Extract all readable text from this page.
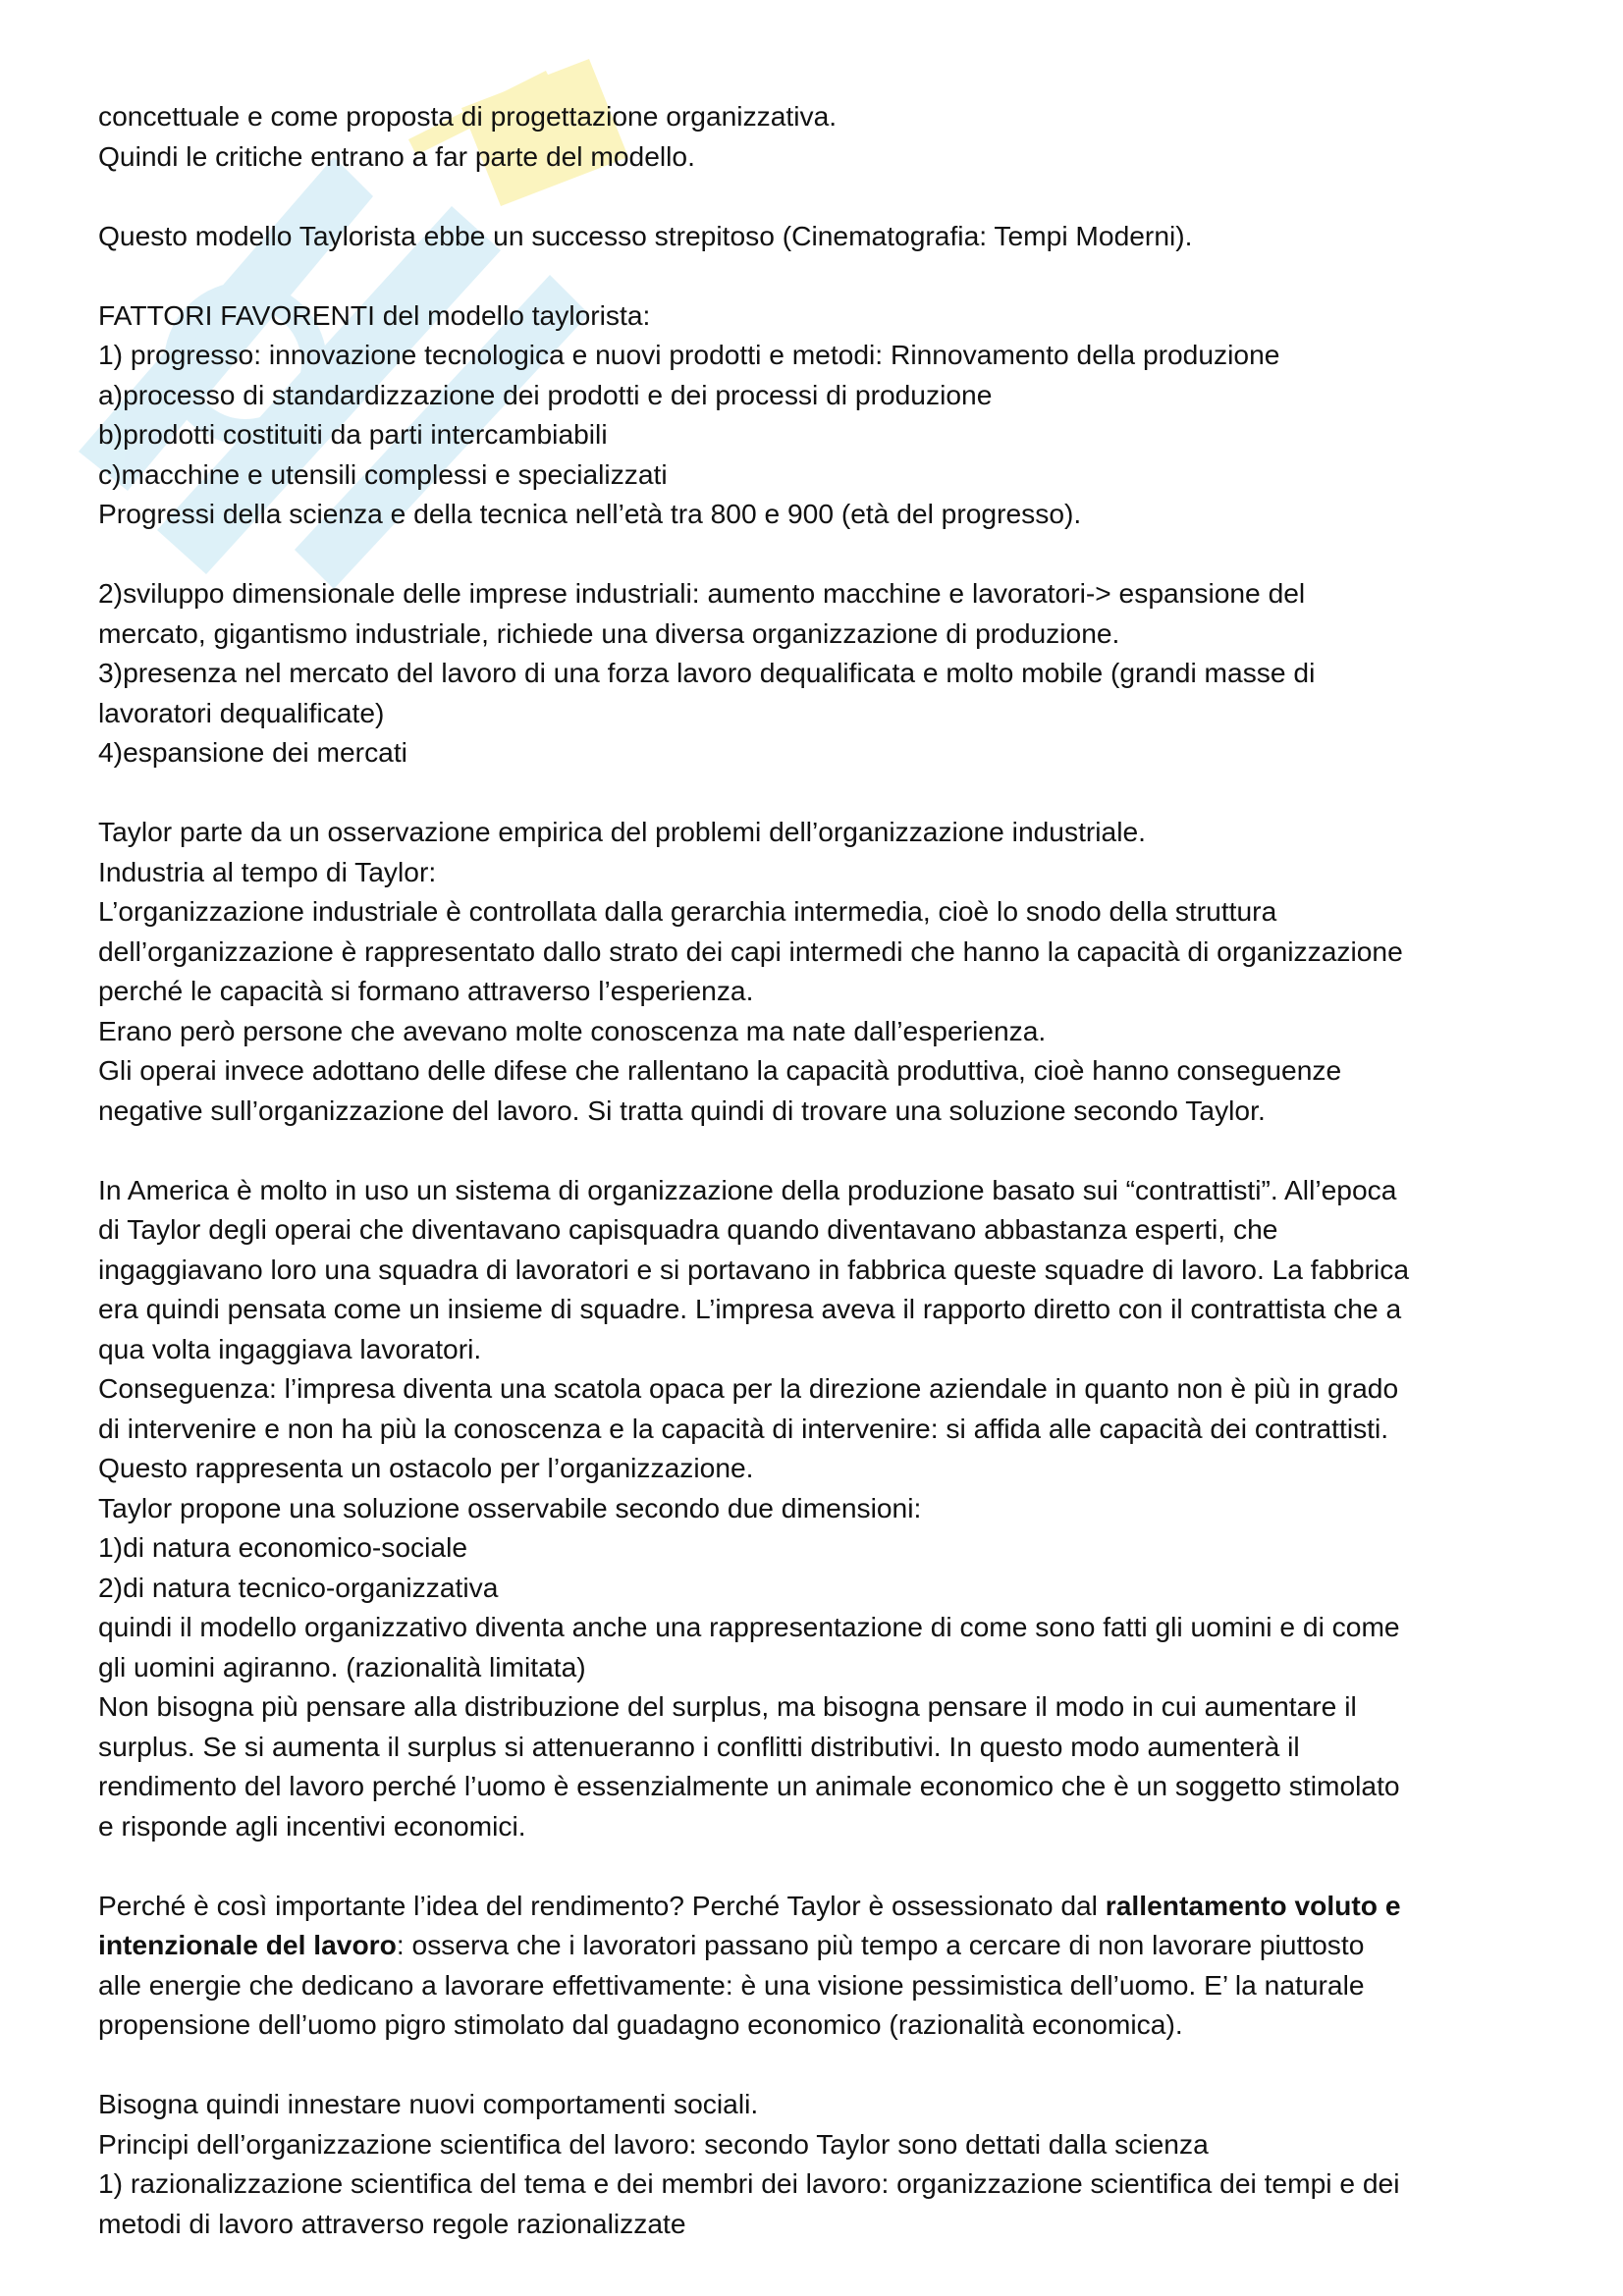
concettuale e come proposta di progettazione organizzativa.
Quindi le critiche entrano a far parte del modello.
Questo modello Taylorista ebbe un successo strepitoso (Cinematografia: Tempi Moderni).
FATTORI FAVORENTI del modello taylorista:
1) progresso: innovazione tecnologica e nuovi prodotti e metodi: Rinnovamento della produzione
a)processo di standardizzazione dei prodotti e dei processi di produzione
b)prodotti costituiti da parti intercambiabili
c)macchine e utensili complessi e specializzati
Progressi della scienza e della tecnica nell’età tra 800 e 900 (età del progresso).
2)sviluppo dimensionale delle imprese industriali: aumento macchine e lavoratori-> espansione del
mercato, gigantismo industriale, richiede una diversa organizzazione di produzione.
3)presenza nel mercato del lavoro di una forza lavoro dequalificata e molto mobile (grandi masse di
lavoratori dequalificate)
4)espansione dei mercati
Taylor parte da un osservazione empirica del problemi dell’organizzazione industriale.
Industria al tempo di Taylor:
L’organizzazione industriale è controllata dalla gerarchia intermedia, cioè lo snodo della struttura
dell’organizzazione è rappresentato dallo strato dei capi intermedi che hanno la capacità di organizzazione
perché le capacità si formano attraverso l’esperienza.
Erano però persone che avevano molte conoscenza ma nate dall’esperienza.
Gli operai invece adottano delle difese che rallentano la capacità produttiva, cioè hanno conseguenze
negative sull’organizzazione del lavoro. Si tratta quindi di trovare una soluzione secondo Taylor.
In America è molto in uso un sistema di organizzazione della produzione basato sui “contrattisti”. All’epoca
di Taylor degli operai che diventavano capisquadra quando diventavano abbastanza esperti, che
ingaggiavano loro una squadra di lavoratori e si portavano in fabbrica queste squadre di lavoro. La fabbrica
era quindi pensata come un insieme di squadre. L’impresa aveva il rapporto diretto con il contrattista che a
qua volta ingaggiava lavoratori.
Conseguenza: l’impresa diventa una scatola opaca per la direzione aziendale in quanto non è più in grado
di intervenire e non ha più la conoscenza e la capacità di intervenire: si affida alle capacità dei contrattisti.
Questo rappresenta un ostacolo per l’organizzazione.
Taylor propone una soluzione osservabile secondo due dimensioni:
1)di natura economico-sociale
2)di natura tecnico-organizzativa
quindi il modello organizzativo diventa anche una rappresentazione di come sono fatti gli uomini e di come
gli uomini agiranno. (razionalità limitata)
Non bisogna più pensare alla distribuzione del surplus, ma bisogna pensare il modo in cui aumentare il
surplus. Se si aumenta il surplus si attenueranno i conflitti distributivi. In questo modo aumenterà il
rendimento del lavoro perché l’uomo è essenzialmente un animale economico che è un soggetto stimolato
e risponde agli incentivi economici.
Perché è così importante l’idea del rendimento? Perché Taylor è ossessionato dal rallentamento voluto e
intenzionale del lavoro: osserva che i lavoratori passano più tempo a cercare di non lavorare piuttosto
alle energie che dedicano a lavorare effettivamente: è una visione pessimistica dell’uomo. E’ la naturale
propensione dell’uomo pigro stimolato dal guadagno economico (razionalità economica).
Bisogna quindi innestare nuovi comportamenti sociali.
Principi dell’organizzazione scientifica del lavoro: secondo Taylor sono dettati dalla scienza
1) razionalizzazione scientifica del tema e dei membri dei lavoro: organizzazione scientifica dei tempi e dei
metodi di lavoro attraverso regole razionalizzate
